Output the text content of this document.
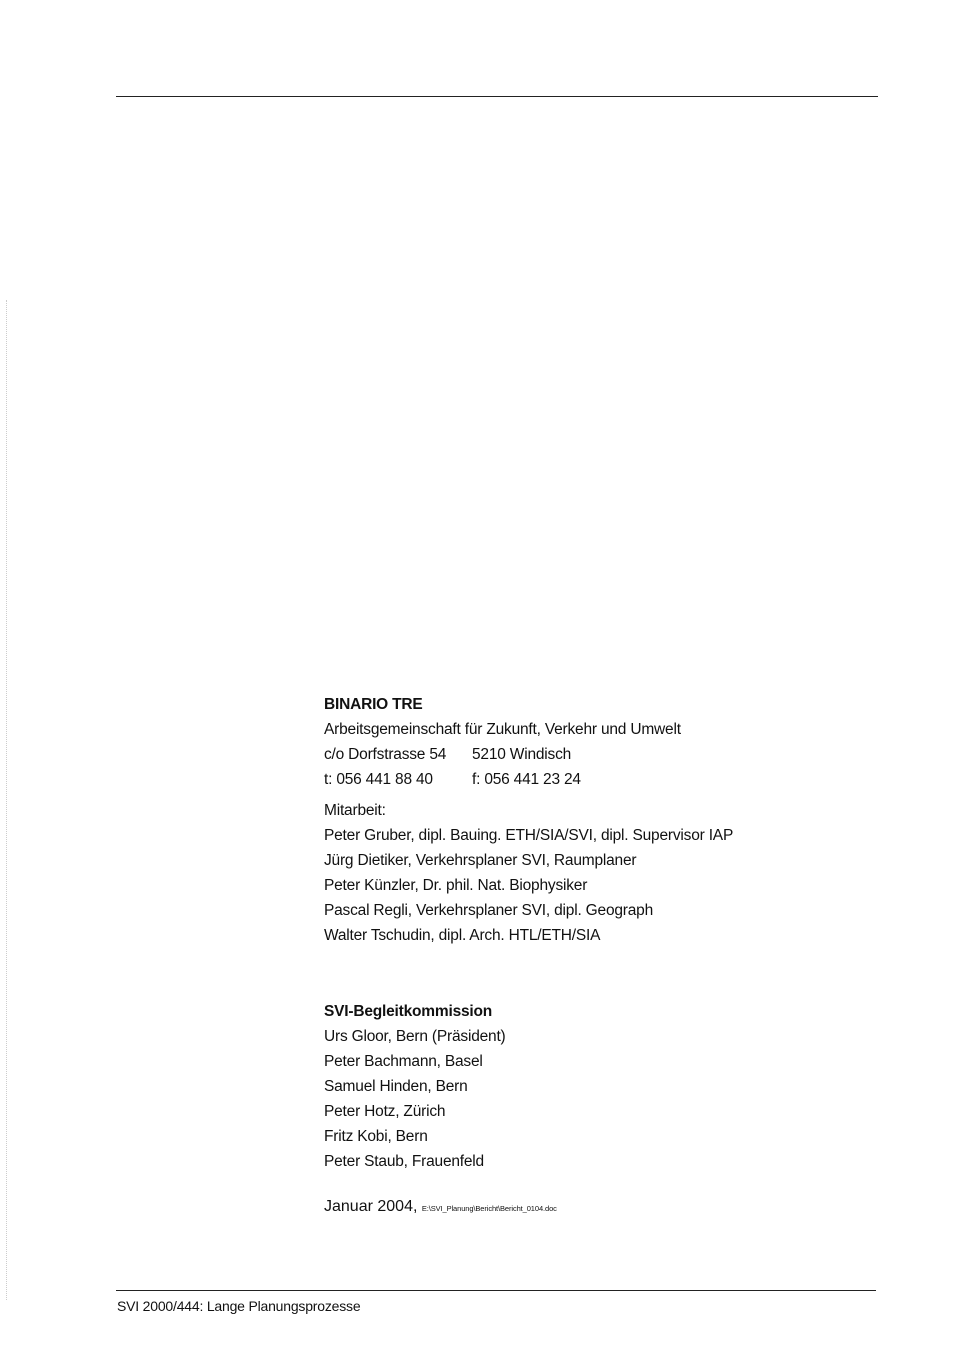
BINARIO TRE
Arbeitsgemeinschaft für Zukunft, Verkehr und Umwelt
c/o Dorfstrasse 54 5210 Windisch
t: 056 441 88 40	f: 056 441 23 24
Mitarbeit:
Peter Gruber, dipl. Bauing. ETH/SIA/SVI, dipl. Supervisor IAP
Jürg Dietiker, Verkehrsplaner SVI, Raumplaner
Peter Künzler, Dr. phil. Nat. Biophysiker
Pascal Regli, Verkehrsplaner SVI, dipl. Geograph
Walter Tschudin, dipl. Arch. HTL/ETH/SIA
SVI-Begleitkommission
Urs Gloor, Bern (Präsident)
Peter Bachmann, Basel
Samuel Hinden, Bern
Peter Hotz, Zürich
Fritz Kobi, Bern
Peter Staub, Frauenfeld
Januar 2004, E:\SVI_Planung\Bericht\Bericht_0104.doc
SVI 2000/444: Lange Planungsprozesse
